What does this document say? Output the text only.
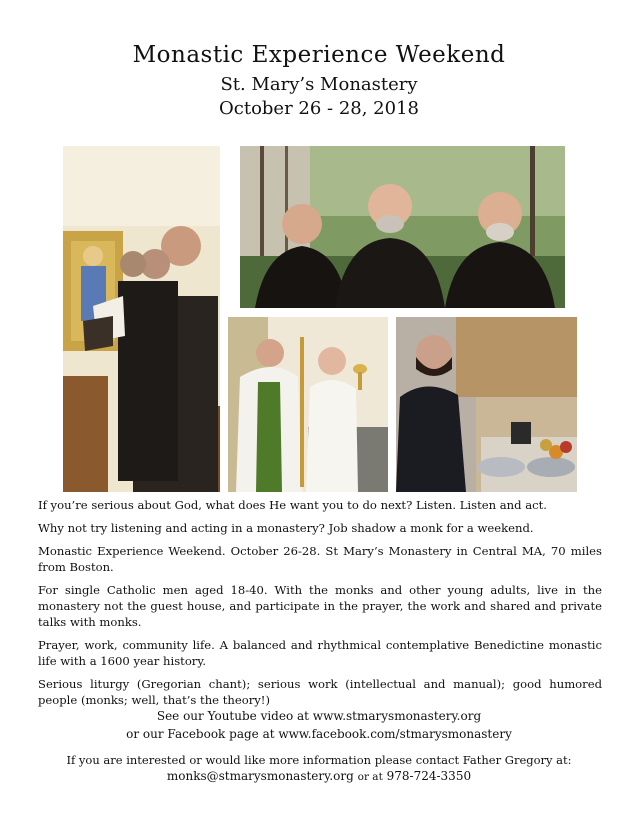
Monastic Experience Weekend
St. Mary’s Monastery
October 26 - 28, 2018

If you’re serious about God, what does He want you to do next? Listen. Listen and act.

Why not try listening and acting in a monastery? Job shadow a monk for a weekend.

Monastic Experience Weekend. October 26-28. St Mary’s Monastery in Central MA, 70 miles from Boston.

For single Catholic men aged 18-40. With the monks and other young adults, live in the monastery not the guest house, and participate in the prayer, the work and shared and private talks with monks.

Prayer, work, community life. A balanced and rhythmical contemplative Benedictine monastic life with a 1600 year history.

Serious liturgy (Gregorian chant); serious work (intellectual and manual); good humored people (monks; well, that’s the theory!)

See our Youtube video at www.stmarysmonastery.org
or our Facebook page at www.facebook.com/stmarysmonastery
If you are interested or would like more information please contact Father Gregory at:
monks@stmarysmonastery.org or at 978-724-3350
